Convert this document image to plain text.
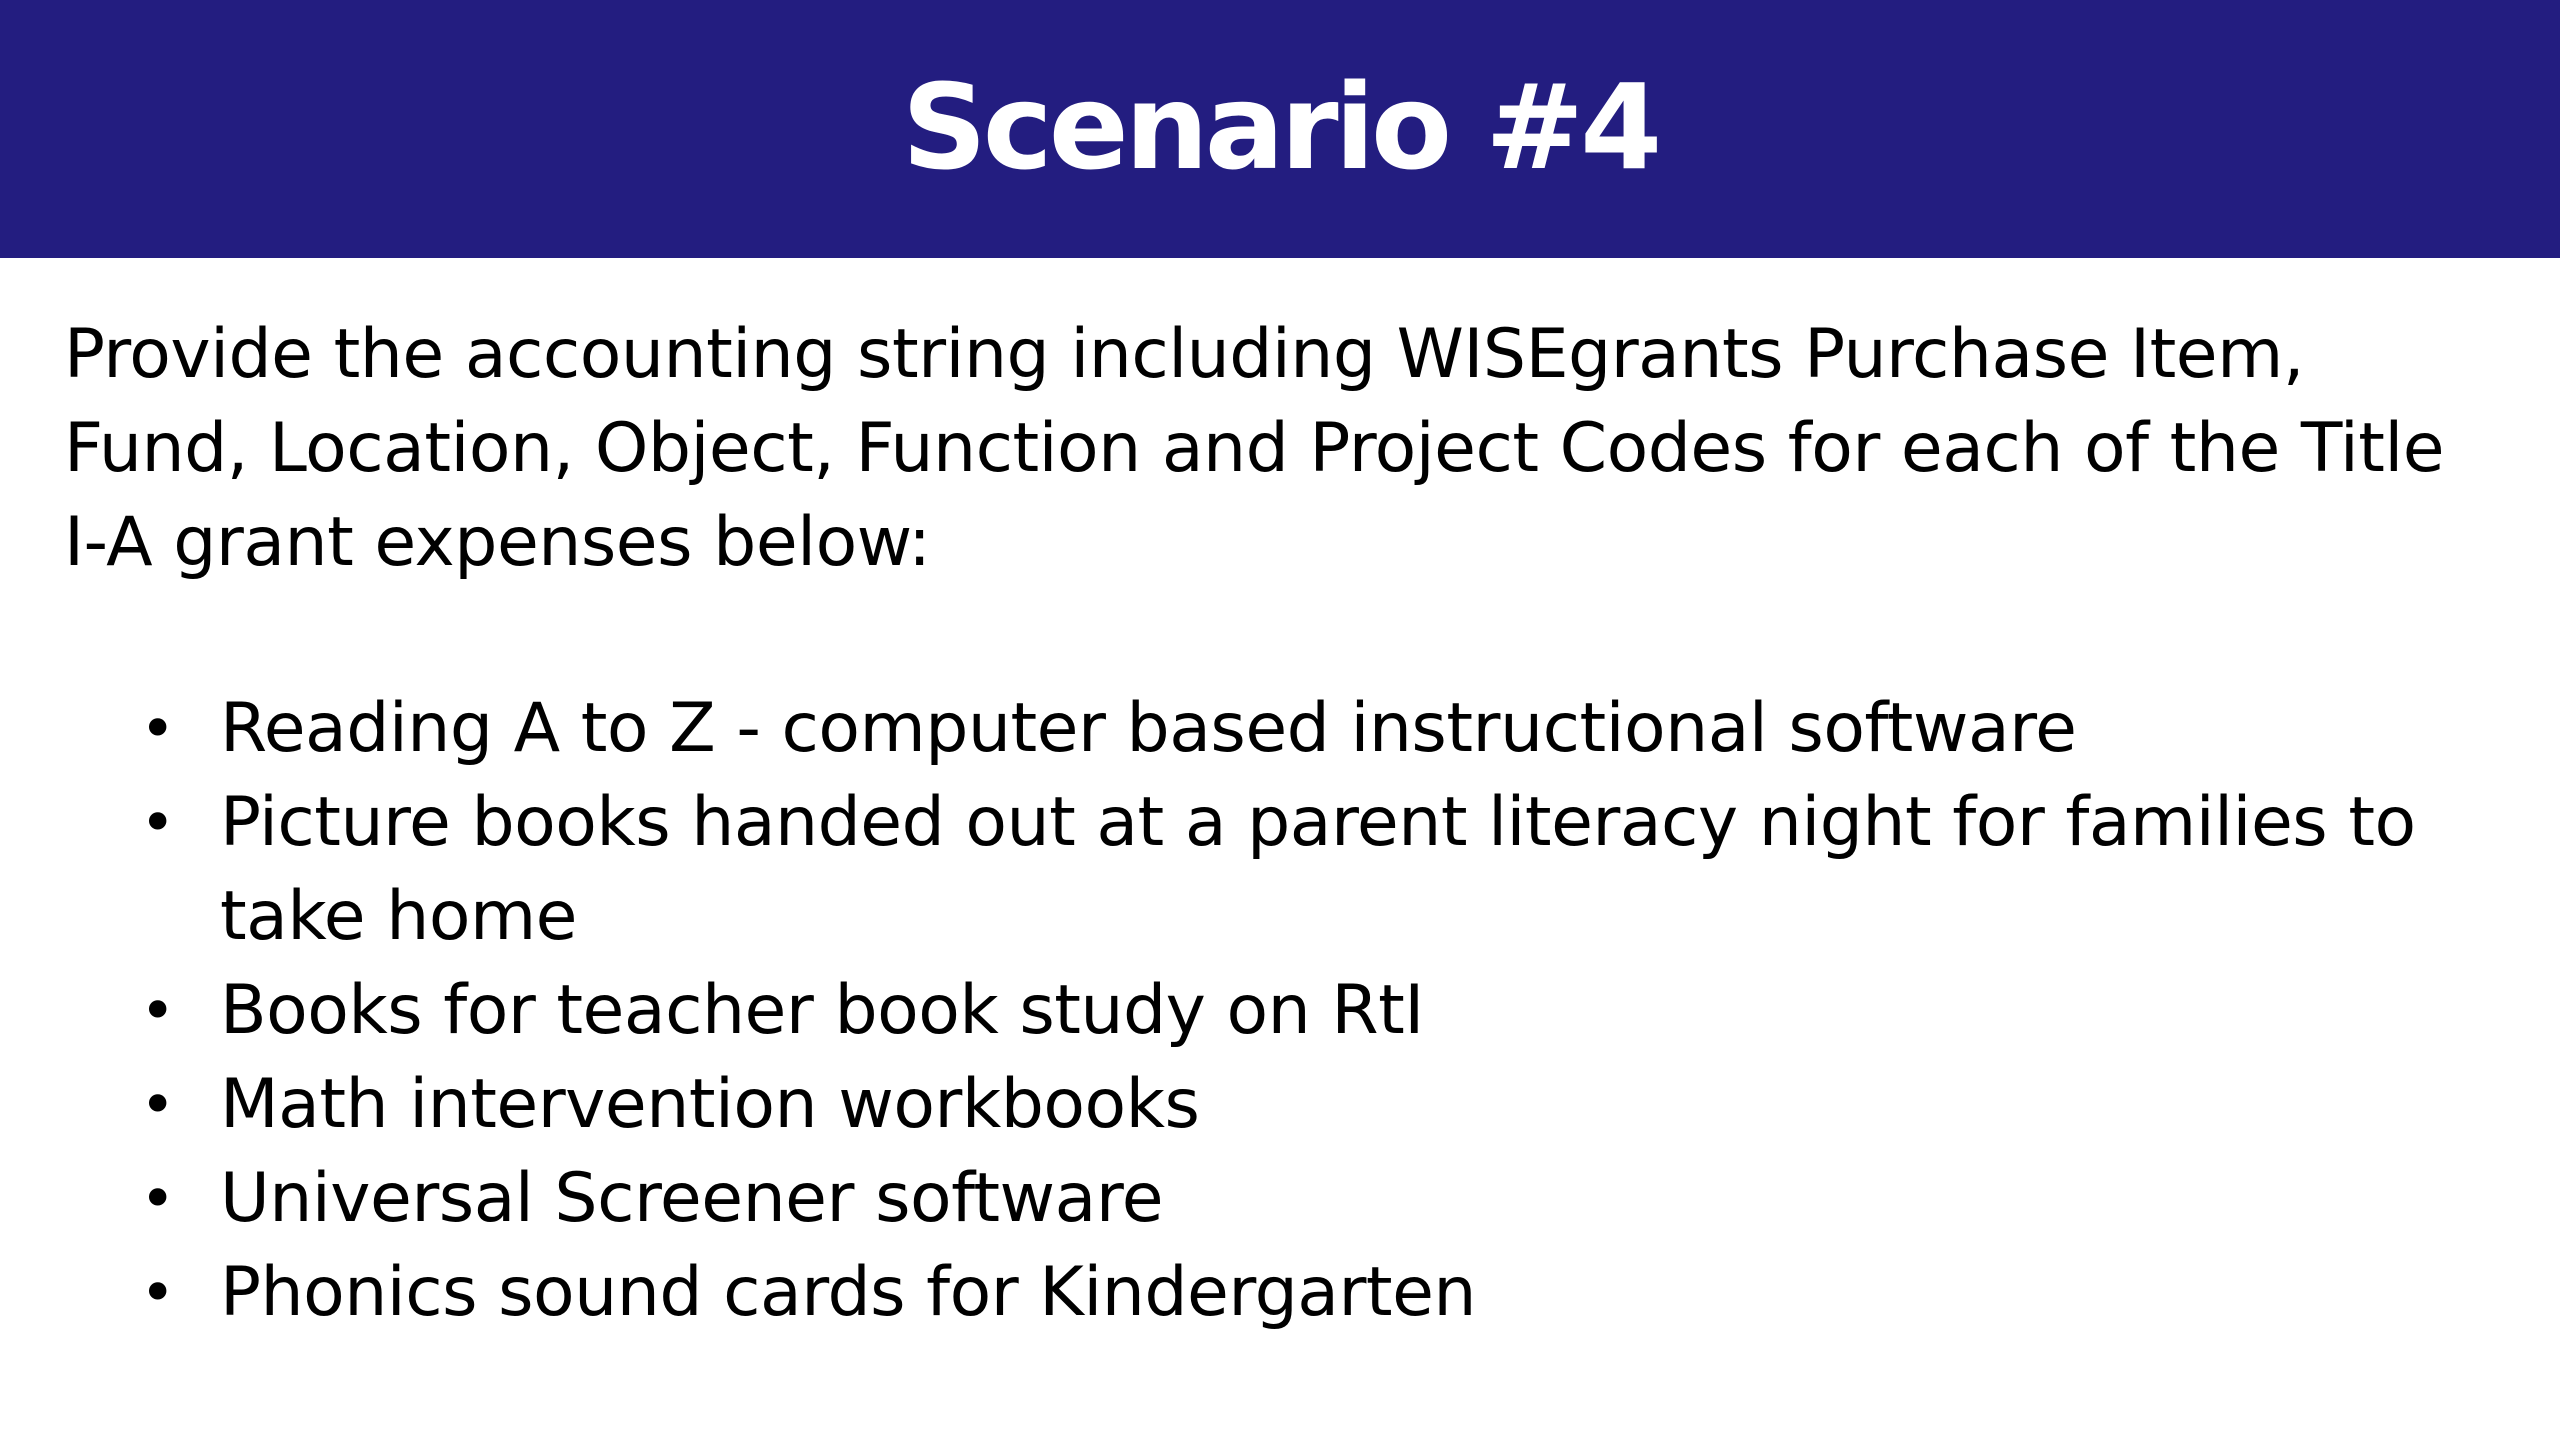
Scenario #4

Provide the accounting string including WISEgrants Purchase Item, Fund, Location, Object, Function and Project Codes for each of the Title I-A grant expenses below:

• Reading A to Z - computer based instructional software
• Picture books handed out at a parent literacy night for families to take home
• Books for teacher book study on RtI
• Math intervention workbooks
• Universal Screener software
• Phonics sound cards for Kindergarten
